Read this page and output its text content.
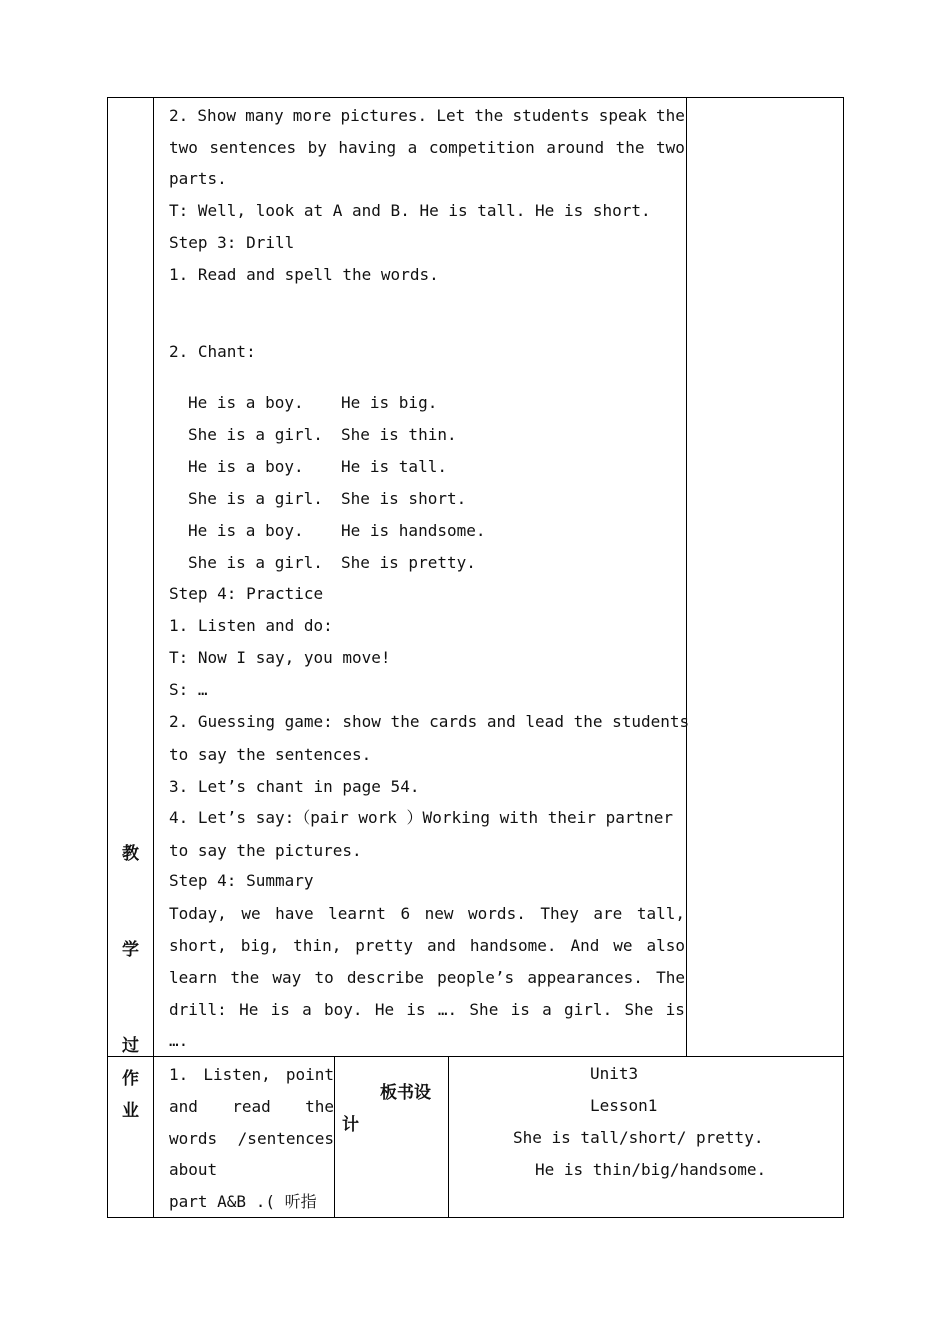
教
学
过
2. Show many more pictures. Let the students speak the
two sentences by having a competition around the two
parts.
T: Well, look at A and B. He is tall. He is short.
Step 3: Drill
1. Read and spell the words.
2. Chant:
He is a boy. He is big.
She is a girl. She is thin.
He is a boy. He is tall.
She is a girl. She is short.
He is a boy. He is handsome.
She is a girl. She is pretty.
Step 4: Practice
1. Listen and do:
T: Now I say, you move!
S: …
2. Guessing game: show the cards and lead the students
to say the sentences.
3. Let’s chant in page 54.
4. Let’s say:（pair work ）Working with their partner
to say the pictures.
Step 4: Summary
Today, we have learnt 6 new words. They are tall,
short, big, thin, pretty and handsome. And we also
learn the way to describe people’s appearances. The
drill: He is a boy. He is …. She is a girl. She is
….
作
业
1. Listen, point
and read the
words /sentences
about
part A&B .( 听指
板书设
计
Unit3
Lesson1
She is tall/short/ pretty.
He is thin/big/handsome.
